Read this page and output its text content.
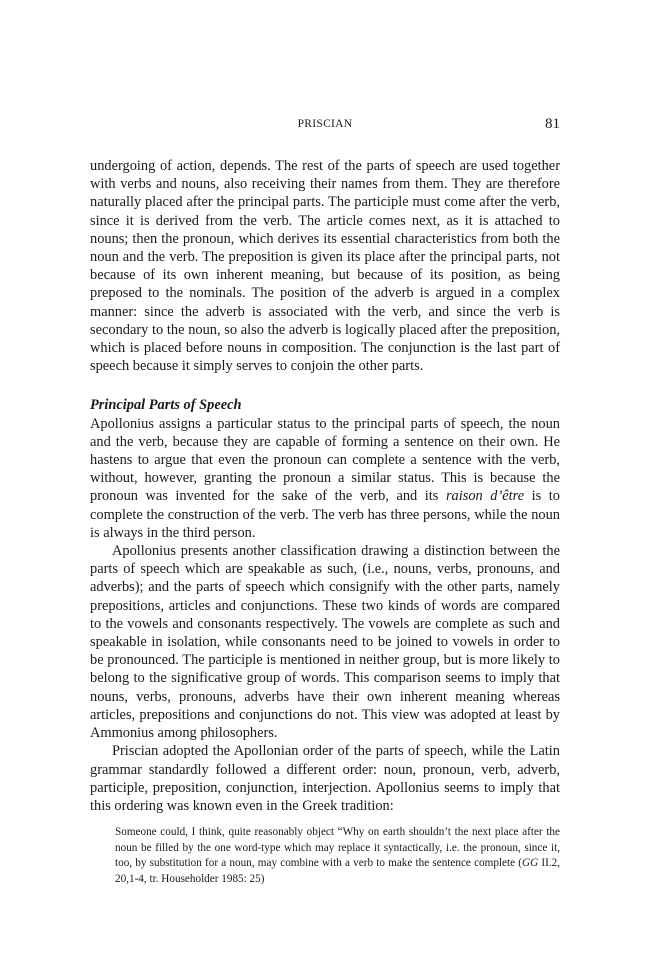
PRISCIAN	81

undergoing of action, depends. The rest of the parts of speech are used together with verbs and nouns, also receiving their names from them. They are therefore naturally placed after the principal parts. The participle must come after the verb, since it is derived from the verb. The article comes next, as it is attached to nouns; then the pronoun, which derives its essential characteristics from both the noun and the verb. The preposition is given its place after the principal parts, not because of its own inherent meaning, but because of its position, as being preposed to the nominals. The position of the adverb is argued in a complex manner: since the adverb is associated with the verb, and since the verb is secondary to the noun, so also the adverb is logically placed after the preposition, which is placed before nouns in composition. The conjunction is the last part of speech because it simply serves to conjoin the other parts.

Principal Parts of Speech

Apollonius assigns a particular status to the principal parts of speech, the noun and the verb, because they are capable of forming a sentence on their own. He hastens to argue that even the pronoun can complete a sentence with the verb, without, however, granting the pronoun a similar status. This is because the pronoun was invented for the sake of the verb, and its raison d’être is to complete the construction of the verb. The verb has three persons, while the noun is always in the third person.

Apollonius presents another classification drawing a distinction between the parts of speech which are speakable as such, (i.e., nouns, verbs, pronouns, and adverbs); and the parts of speech which consignify with the other parts, namely prepositions, articles and conjunctions. These two kinds of words are compared to the vowels and consonants respectively. The vowels are complete as such and speakable in isolation, while consonants need to be joined to vowels in order to be pronounced. The participle is mentioned in neither group, but is more likely to belong to the significative group of words. This comparison seems to imply that nouns, verbs, pronouns, adverbs have their own inherent meaning whereas articles, prepositions and conjunctions do not. This view was adopted at least by Ammonius among philosophers.

Priscian adopted the Apollonian order of the parts of speech, while the Latin grammar standardly followed a different order: noun, pronoun, verb, adverb, participle, preposition, conjunction, interjection. Apollonius seems to imply that this ordering was known even in the Greek tradition:

Someone could, I think, quite reasonably object “Why on earth shouldn’t the next place after the noun be filled by the one word-type which may replace it syntactically, i.e. the pronoun, since it, too, by substitution for a noun, may combine with a verb to make the sentence complete (GG II.2, 20,1-4, tr. Householder 1985: 25)
